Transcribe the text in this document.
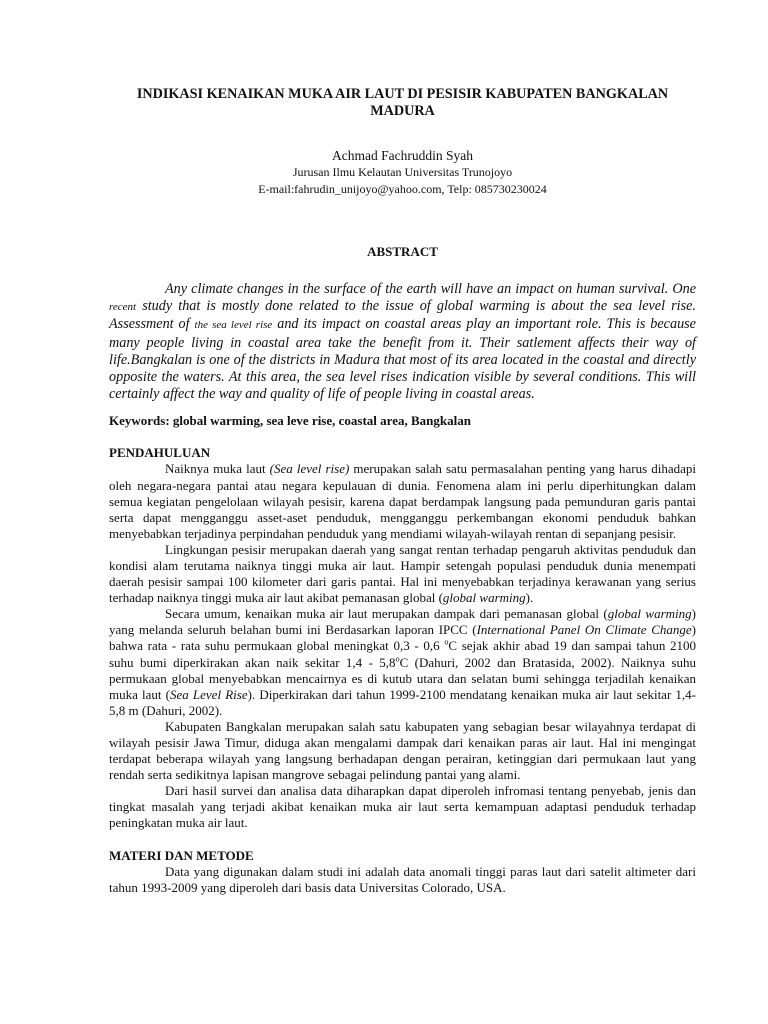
INDIKASI KENAIKAN MUKA AIR LAUT DI PESISIR KABUPATEN BANGKALAN
MADURA

Achmad Fachruddin Syah

Jurusan Ilmu Kelautan Universitas Trunojoyo

E-mail:fahrudin_unijoyo@yahoo.com, Telp: 085730230024

ABSTRACT

Any climate changes in the surface of the earth will have an impact on human survival. One recent study that is mostly done related to the issue of global warming is about the sea level rise. Assessment of the sea level rise and its impact on coastal areas play an important role. This is because many people living in coastal area take the benefit from it. Their satlement affects their way of life.Bangkalan is one of the districts in Madura that most of its area located in the coastal and directly opposite the waters. At this area, the sea level rises indication visible by several conditions. This will certainly affect the way and quality of life of people living in coastal areas.

Keywords: global warming, sea leve rise, coastal area, Bangkalan

PENDAHULUAN

Naiknya muka laut (Sea level rise) merupakan salah satu permasalahan penting yang harus dihadapi oleh negara-negara pantai atau negara kepulauan di dunia. Fenomena alam ini perlu diperhitungkan dalam semua kegiatan pengelolaan wilayah pesisir, karena dapat berdampak langsung pada pemunduran garis pantai serta dapat mengganggu asset-aset penduduk, mengganggu perkembangan ekonomi penduduk bahkan menyebabkan terjadinya perpindahan penduduk yang mendiami wilayah-wilayah rentan di sepanjang pesisir.

Lingkungan pesisir merupakan daerah yang sangat rentan terhadap pengaruh aktivitas penduduk dan kondisi alam terutama naiknya tinggi muka air laut. Hampir setengah populasi penduduk dunia menempati daerah pesisir sampai 100 kilometer dari garis pantai. Hal ini menyebabkan terjadinya kerawanan yang serius terhadap naiknya tinggi muka air laut akibat pemanasan global (global warming).

Secara umum, kenaikan muka air laut merupakan dampak dari pemanasan global (global warming) yang melanda seluruh belahan bumi ini Berdasarkan laporan IPCC (International Panel On Climate Change) bahwa rata - rata suhu permukaan global meningkat 0,3 - 0,6 $^o$C sejak akhir abad 19 dan sampai tahun 2100 suhu bumi diperkirakan akan naik sekitar 1,4 - 5,8$^o$C (Dahuri, 2002 dan Bratasida, 2002). Naiknya suhu permukaan global menyebabkan mencairnya es di kutub utara dan selatan bumi sehingga terjadilah kenaikan muka laut (Sea Level Rise). Diperkirakan dari tahun 1999-2100 mendatang kenaikan muka air laut sekitar 1,4-5,8 m (Dahuri, 2002).

Kabupaten Bangkalan merupakan salah satu kabupaten yang sebagian besar wilayahnya terdapat di wilayah pesisir Jawa Timur, diduga akan mengalami dampak dari kenaikan paras air laut. Hal ini mengingat terdapat beberapa wilayah yang langsung berhadapan dengan perairan, ketinggian dari permukaan laut yang rendah serta sedikitnya lapisan mangrove sebagai pelindung pantai yang alami.

Dari hasil survei dan analisa data diharapkan dapat diperoleh infromasi tentang penyebab, jenis dan tingkat masalah yang terjadi akibat kenaikan muka air laut serta kemampuan adaptasi penduduk terhadap peningkatan muka air laut.

MATERI DAN METODE

Data yang digunakan dalam studi ini adalah data anomali tinggi paras laut dari satelit altimeter dari tahun 1993-2009 yang diperoleh dari basis data Universitas Colorado, USA.
